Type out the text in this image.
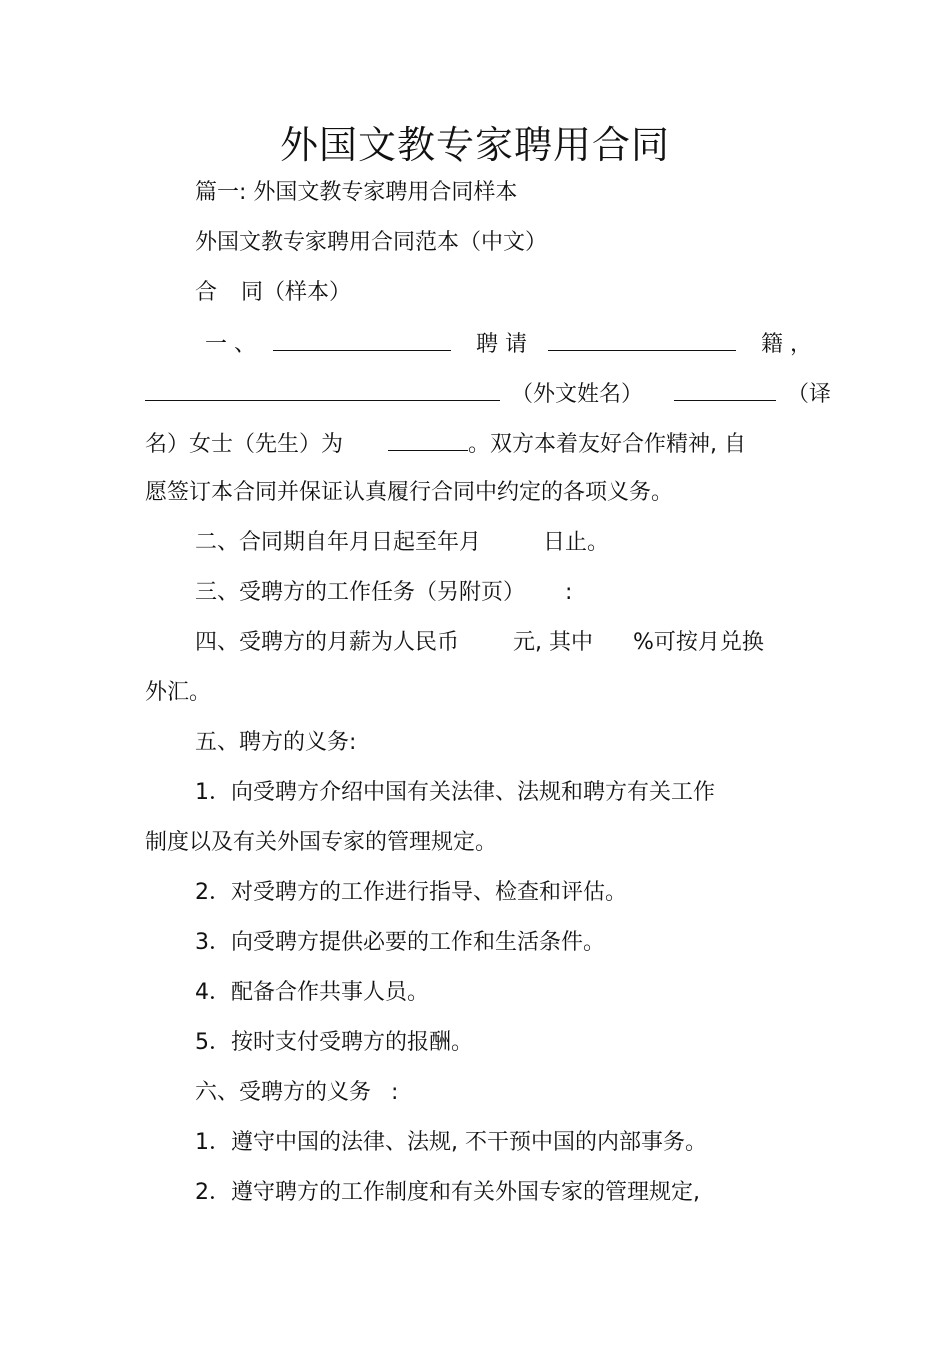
外国文教专家聘用合同
篇一: 外国文教专家聘用合同样本
外国文教专家聘用合同范本（中文）
合 同（样本）
一 、	聘 请	籍 ，
（外文姓名）	（译
名）女士（先生）为	。双方本着友好合作精神, 自
愿签订本合同并保证认真履行合同中约定的各项义务。
二、合同期自年月日起至年月	日止。
三、受聘方的工作任务（另附页） :
四、受聘方的月薪为人民币 元, 其中 %可按月兑换
外汇。
五、聘方的义务:
1．向受聘方介绍中国有关法律、法规和聘方有关工作
制度以及有关外国专家的管理规定。
2．对受聘方的工作进行指导、检查和评估。
3．向受聘方提供必要的工作和生活条件。
4．配备合作共事人员。
5．按时支付受聘方的报酬。
六、受聘方的义务 :
1．遵守中国的法律、法规, 不干预中国的内部事务。
2．遵守聘方的工作制度和有关外国专家的管理规定,
